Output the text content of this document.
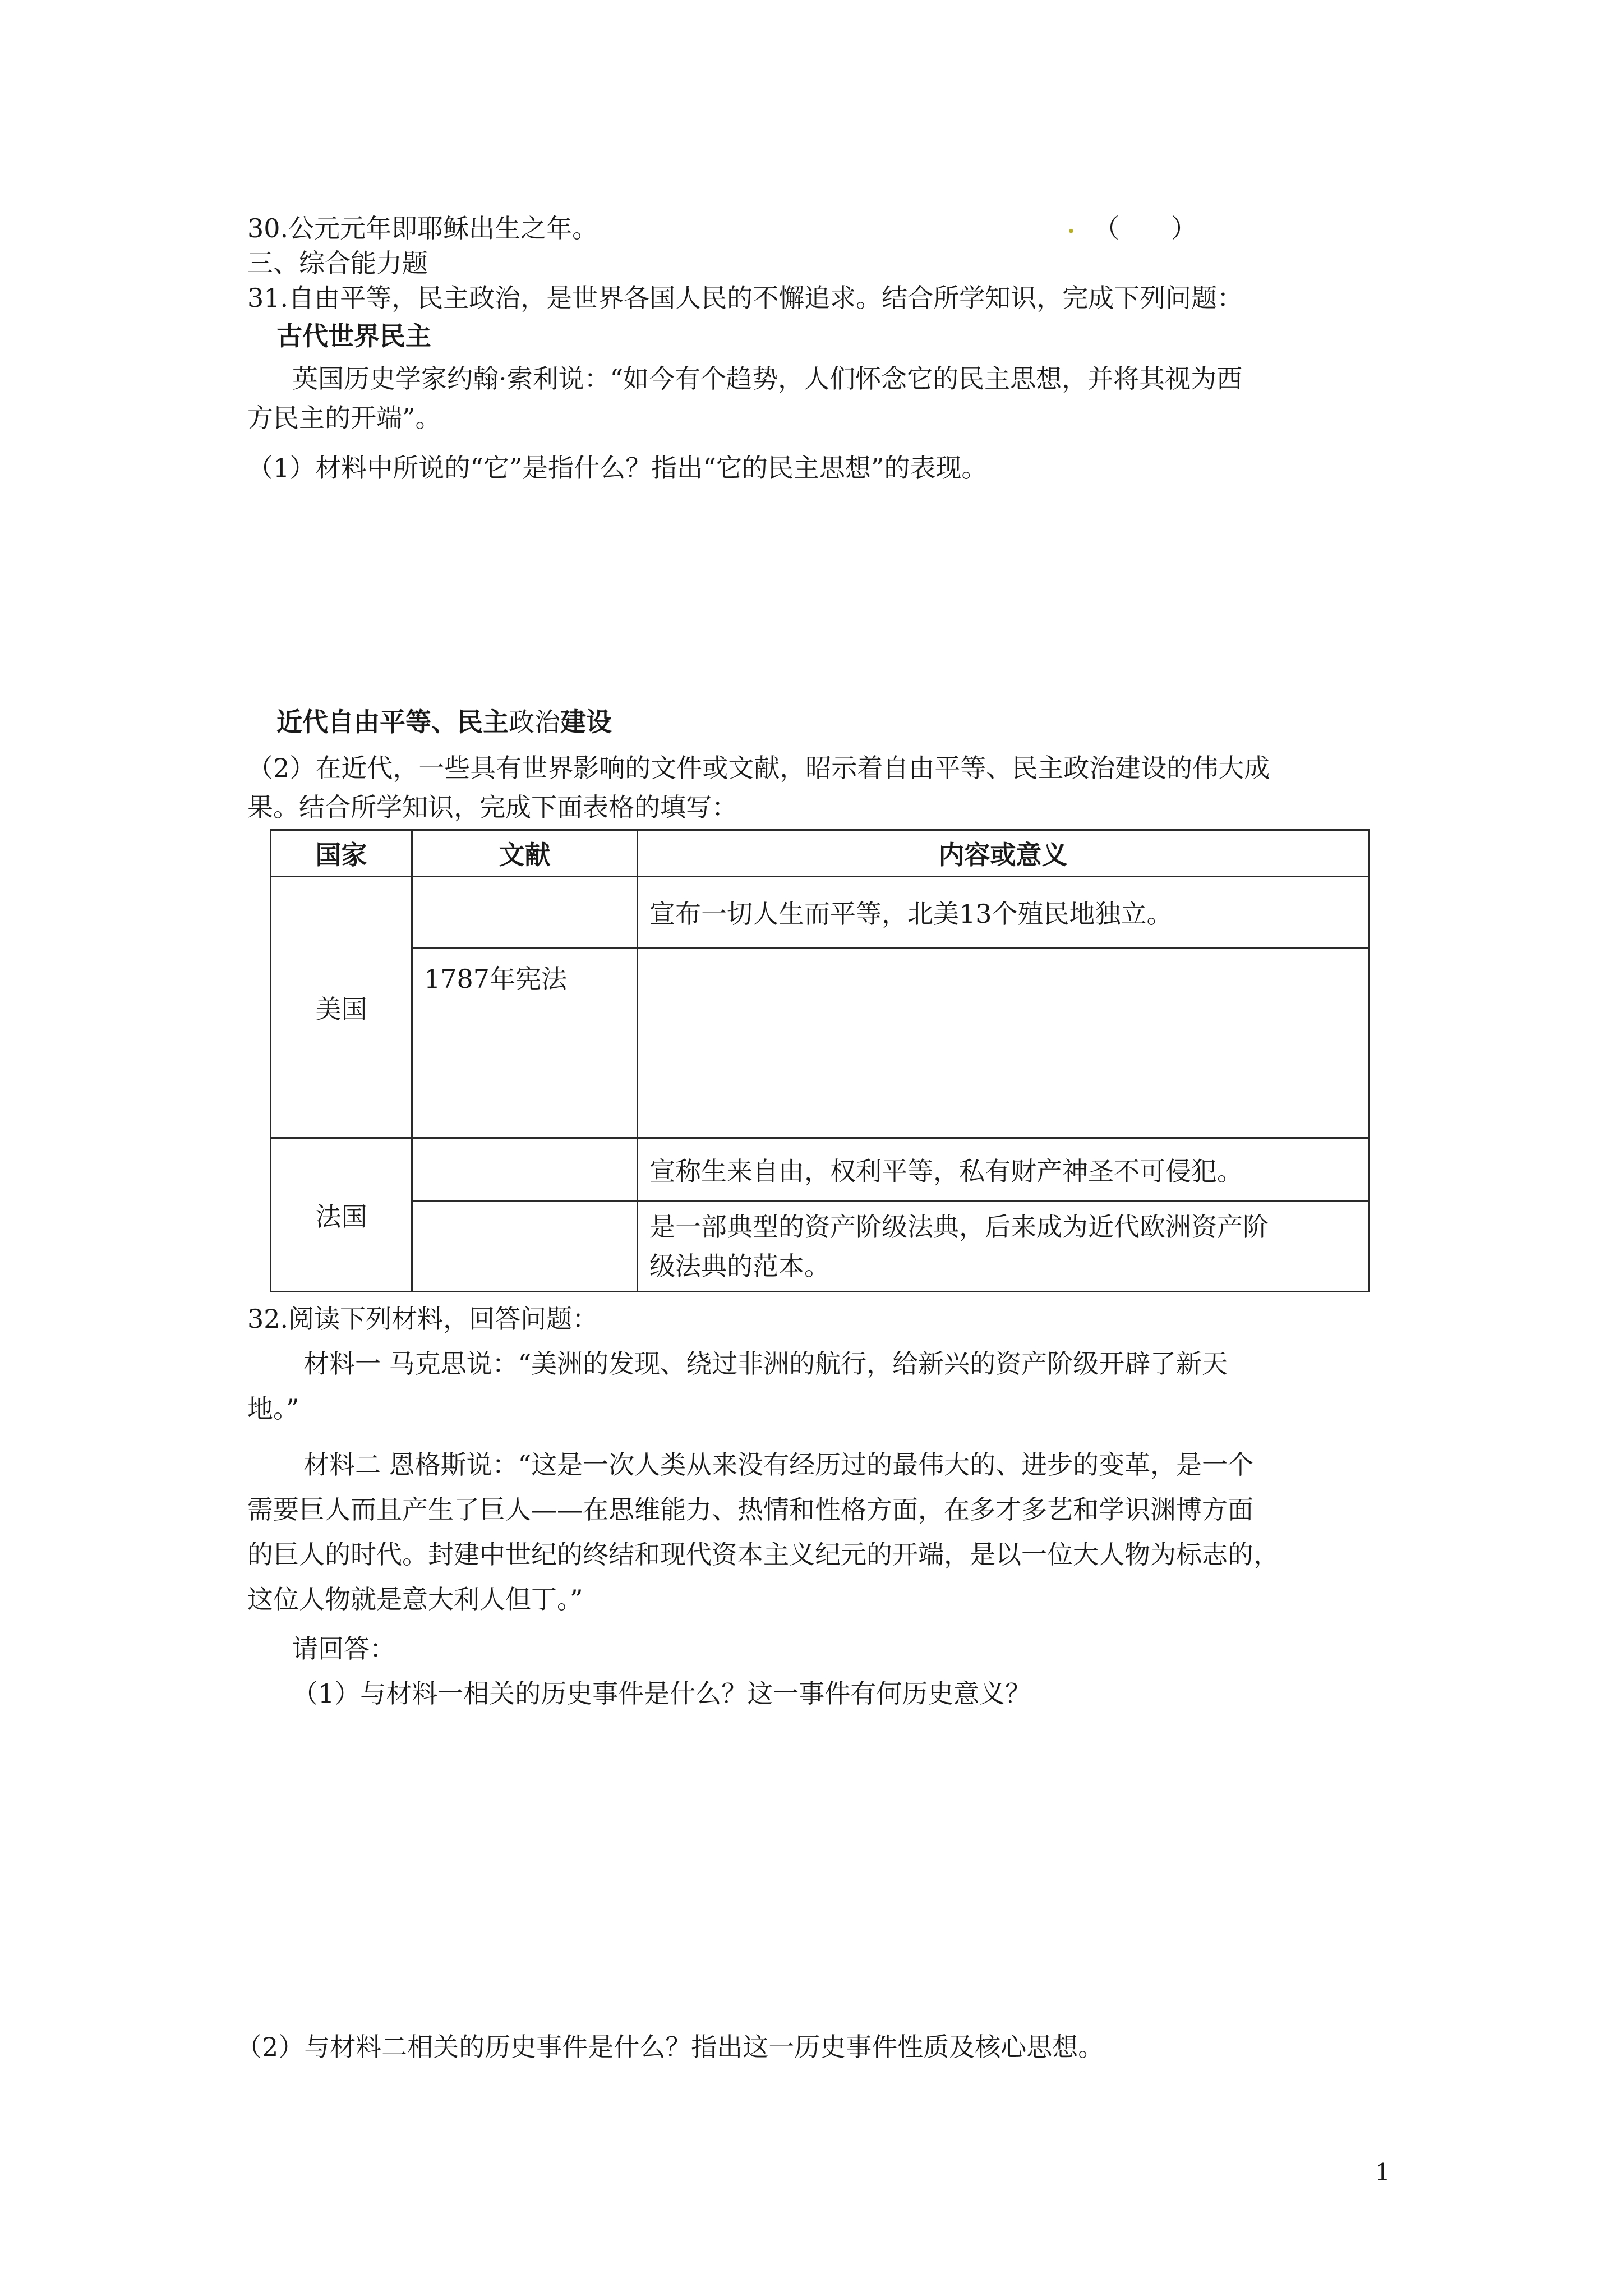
30.公元元年即耶稣出生之年。	. （　　）
三、综合能力题
31.自由平等，民主政治，是世界各国人民的不懈追求。结合所学知识，完成下列问题：
古代世界民主
英国历史学家约翰·索利说：“如今有个趋势，人们怀念它的民主思想，并将其视为西
方民主的开端”。
（1）材料中所说的“它”是指什么？指出“它的民主思想”的表现。
近代自由平等、民主政治建设
（2）在近代，一些具有世界影响的文件或文献，昭示着自由平等、民主政治建设的伟大成
果。结合所学知识，完成下面表格的填写：
国家	文献	内容或意义
美国		宣布一切人生而平等，北美13个殖民地独立。
	1787年宪法	
法国		宣称生来自由，权利平等，私有财产神圣不可侵犯。

		是一部典型的资产阶级法典，后来成为近代欧洲资产阶
级法典的范本。
32.阅读下列材料，回答问题：
材料一 马克思说：“美洲的发现、绕过非洲的航行，给新兴的资产阶级开辟了新天
地。”
材料二 恩格斯说：“这是一次人类从来没有经历过的最伟大的、进步的变革，是一个
需要巨人而且产生了巨人——在思维能力、热情和性格方面，在多才多艺和学识渊博方面
的巨人的时代。封建中世纪的终结和现代资本主义纪元的开端，是以一位大人物为标志的，
这位人物就是意大利人但丁。”
请回答：
（1）与材料一相关的历史事件是什么？这一事件有何历史意义？
（2）与材料二相关的历史事件是什么？指出这一历史事件性质及核心思想。
1
